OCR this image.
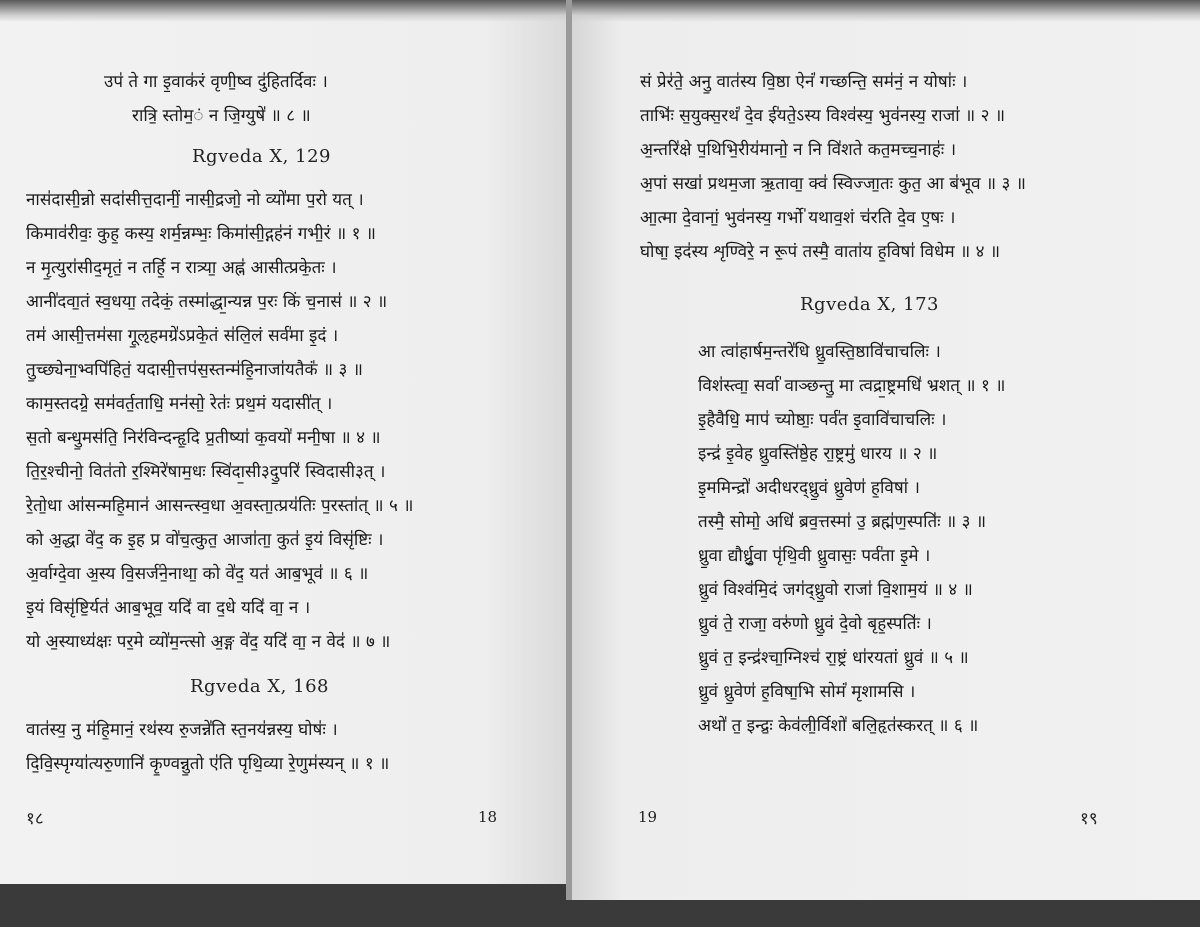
उप॑ ते गा इ॒वाक॑रं वृणी॒ष्व दु॑हितर्दिवः ।
रात्रि॒ स्तोम॒ं न जि॒ग्युषे॑ ॥ ८ ॥
Rgveda X, 129
नास॑दासी॒न्नो सदा॑सीत्त॒दानीं॒ नासी॒द्रजो॒ नो व्यो॑मा प॒रो यत् ।
किमाव॑रीवः॒ कुह॒ कस्य॒ शर्म॒न्नम्भः॒ किमा॑सी॒द्गह॑नं गभी॒रं ॥ १ ॥
न मृ॒त्युरा॑सीद॒मृतं॒ न तर्हि॒ न रात्र्या॒ अह्न॑ आसीत्प्रके॒तः ।
आनी॑दवा॒तं स्व॒धया॒ तदेकं॒ तस्मा॑द्धा॒न्यन्न प॒रः किं च॒नास॑ ॥ २ ॥
तम॑ आसी॒त्तम॑सा गू॒ऌहमग्रे॑ऽप्रके॒तं स॑लि॒लं सर्व॑मा इ॒दं ।
तु॒च्छ्येना॒भ्वपि॑हितं॒ यदासी॒त्तप॑स॒स्तन्म॑हि॒नाजा॑यतैकं॑ ॥ ३ ॥
काम॒स्तदग्रे॒ सम॑वर्त॒ताधि॒ मन॑सो॒ रेतः॑ प्रथ॒मं यदासी॑त् ।
स॒तो बन्धु॒मस॑ति॒ निर॑विन्दन्हृ॒दि प्र॒तीष्या॑ क॒वयो॑ मनी॒षा ॥ ४ ॥
ति॒र॒श्चीनो॒ वित॑तो र॒श्मिरे॑षाम॒धः स्वि॑दा॒सी३दु॒परि॑ स्विदासी३त् ।
रे॒तो॒धा आ॑सन्महि॒मान॑ आसन्त्स्व॒धा अ॒वस्ता॒त्प्रय॑तिः प॒रस्ता॑त् ॥ ५ ॥
को अ॒द्धा वे॑द॒ क इ॒ह प्र वो॑च॒त्कुत॒ आजा॑ता॒ कुत॑ इ॒यं विसृ॑ष्टिः ।
अ॒र्वाग्दे॒वा अ॒स्य वि॒सर्ज॑ने॒नाथा॒ को वे॑द॒ यत॑ आब॒भूव॑ ॥ ६ ॥
इ॒यं विसृ॑ष्टि॒र्यत॑ आब॒भूव॒ यदि॑ वा द॒धे यदि॑ वा॒ न ।
यो अ॒स्याध्य॑क्षः पर॒मे व्यो॑म॒न्त्सो अ॒ङ्ग वे॑द॒ यदि॑ वा॒ न वेद॑ ॥ ७ ॥
Rgveda X, 168
वात॑स्य॒ नु म॑हि॒मानं॒ रथ॑स्य रु॒जन्ने॑ति स्त॒नय॑न्नस्य॒ घोषः॑ ।
दि॒वि॒स्पृग्या॑त्यरु॒णानि॑ कृ॒ण्वन्नु॒तो ए॑ति पृथि॒व्या रे॒णुम॑स्यन् ॥ १ ॥
१८	18
सं प्रेर॑ते॒ अनु॒ वात॑स्य वि॒ष्ठा ऐनं॑ गच्छन्ति॒ सम॑नं॒ न योषाः॑ ।
ताभिः॑ स॒युक्स॒रथं॑ दे॒व ई॑यते॒ऽस्य विश्व॑स्य॒ भुव॑नस्य॒ राजा॑ ॥ २ ॥
अ॒न्तरि॑क्षे प॒थिभि॒रीय॑मानो॒ न नि वि॑शते कत॒मच्च॒नाहः॑ ।
अ॒पां सखा॑ प्रथम॒जा ऋ॒तावा॒ क्व॑ स्विज्जा॒तः कुत॒ आ ब॑भूव ॥ ३ ॥
आ॒त्मा दे॒वानां॒ भुव॑नस्य॒ गर्भो॑ यथाव॒शं च॑रति दे॒व ए॒षः ।
घोषा॒ इद॑स्य शृण्विरे॒ न रू॒पं तस्मै॒ वाता॑य ह॒विषा॑ विधेम ॥ ४ ॥
Rgveda X, 173
आ त्वा॑हार्षम॒न्तरे॑धि ध्रु॒वस्ति॒ष्ठावि॑चाचलिः ।
विश॑स्त्वा॒ सर्वा॑ वाञ्छन्तु॒ मा त्वद्रा॒ष्ट्रमधि॑ भ्रशत् ॥ १ ॥
इ॒हैवैधि॒ माप॑ च्योष्ठाः॒ पर्व॑त इ॒वावि॑चाचलिः ।
इन्द्र॑ इ॒वेह ध्रु॒वस्ति॑ष्ठे॒ह रा॒ष्ट्रमु॑ धारय ॥ २ ॥
इ॒ममिन्द्रो॑ अदीधरद्ध्रु॒वं ध्रु॒वेण॑ ह॒विषा॑ ।
तस्मै॒ सोमो॒ अधि॑ ब्रव॒त्तस्मा॑ उ॒ ब्रह्म॑ण॒स्पतिः॑ ॥ ३ ॥
ध्रु॒वा द्यौर्ध्रु॒वा पृ॑थि॒वी ध्रु॒वासः॒ पर्व॑ता इ॒मे ।
ध्रु॒वं विश्व॑मि॒दं जग॑द्ध्रु॒वो राजा॑ वि॒शाम॒यं ॥ ४ ॥
ध्रु॒वं ते॒ राजा॒ वरु॑णो ध्रु॒वं दे॒वो बृह॒स्पतिः॑ ।
ध्रु॒वं त॒ इन्द्र॑श्चा॒ग्निश्च॑ रा॒ष्ट्रं धा॑रयतां ध्रु॒वं ॥ ५ ॥
ध्रु॒वं ध्रु॒वेण॑ ह॒विषा॒भि सोमं॑ मृशामसि ।
अथो॑ त॒ इन्द्रः॒ केव॑ली॒र्विशो॑ बलि॒हृत॑स्करत् ॥ ६ ॥
19	१९
